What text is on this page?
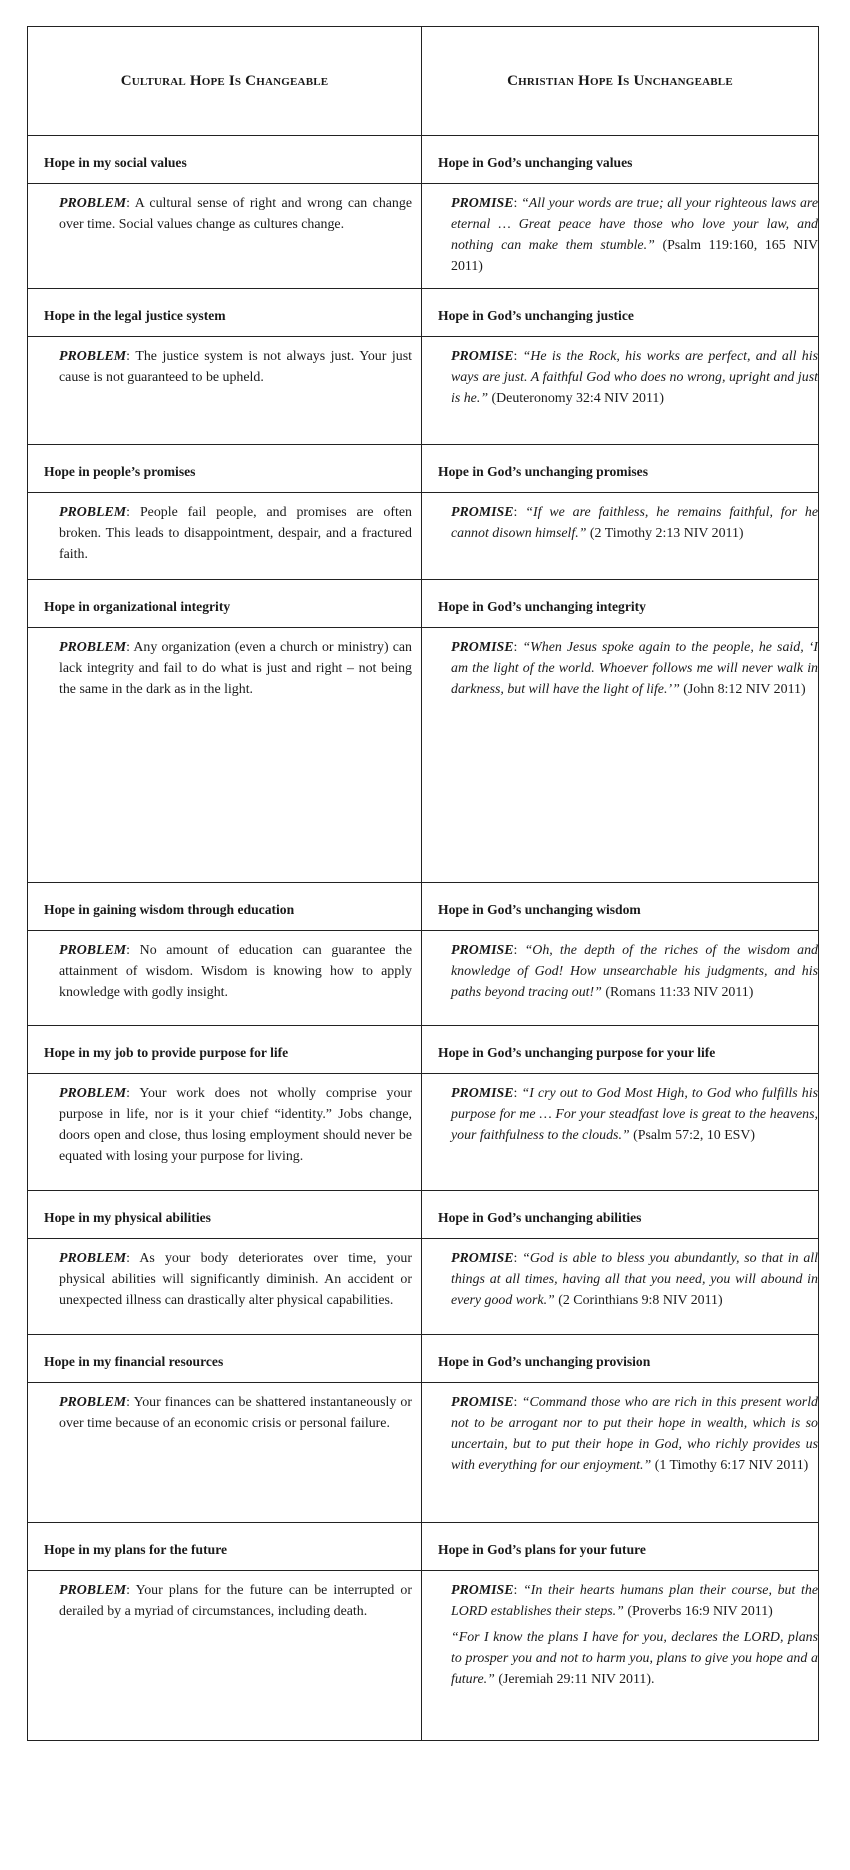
Cultural Hope Is Changeable	Christian Hope Is Unchangeable
Hope in my social values	Hope in God’s unchanging values

PROBLEM: A cultural sense of right and wrong can change over time. Social values change as cultures change.	PROMISE: “All your words are true; all your righteous laws are eternal … Great peace have those who love your law, and nothing can make them stumble.” (Psalm 119:160, 165 NIV 2011)

Hope in the legal justice system	Hope in God’s unchanging justice

PROBLEM: The justice system is not always just. Your just cause is not guaranteed to be upheld.	PROMISE: “He is the Rock, his works are perfect, and all his ways are just. A faithful God who does no wrong, upright and just is he.” (Deuteronomy 32:4 NIV 2011)

Hope in people’s promises	Hope in God’s unchanging promises

PROBLEM: People fail people, and promises are often broken. This leads to disappointment, despair, and a fractured faith.	PROMISE: “If we are faithless, he remains faithful, for he cannot disown himself.” (2 Timothy 2:13 NIV 2011)

Hope in organizational integrity	Hope in God’s unchanging integrity

PROBLEM: Any organization (even a church or ministry) can lack integrity and fail to do what is just and right – not being the same in the dark as in the light.	PROMISE: “When Jesus spoke again to the people, he said, ‘I am the light of the world. Whoever follows me will never walk in darkness, but will have the light of life.’” (John 8:12 NIV 2011)

Hope in gaining wisdom through education	Hope in God’s unchanging wisdom

PROBLEM: No amount of education can guarantee the attainment of wisdom. Wisdom is knowing how to apply knowledge with godly insight.	PROMISE: “Oh, the depth of the riches of the wisdom and knowledge of God! How unsearchable his judgments, and his paths beyond tracing out!” (Romans 11:33 NIV 2011)

Hope in my job to provide purpose for life	Hope in God’s unchanging purpose for your life

PROBLEM: Your work does not wholly comprise your purpose in life, nor is it your chief “identity.” Jobs change, doors open and close, thus losing employment should never be equated with losing your purpose for living.	PROMISE: “I cry out to God Most High, to God who fulfills his purpose for me … For your steadfast love is great to the heavens, your faithfulness to the clouds.” (Psalm 57:2, 10 ESV)

Hope in my physical abilities	Hope in God’s unchanging abilities

PROBLEM: As your body deteriorates over time, your physical abilities will significantly diminish. An accident or unexpected illness can drastically alter physical capabilities.	PROMISE: “God is able to bless you abundantly, so that in all things at all times, having all that you need, you will abound in every good work.” (2 Corinthians 9:8 NIV 2011)

Hope in my financial resources	Hope in God’s unchanging provision

PROBLEM: Your finances can be shattered instantaneously or over time because of an economic crisis or personal failure.	PROMISE: “Command those who are rich in this present world not to be arrogant nor to put their hope in wealth, which is so uncertain, but to put their hope in God, who richly provides us with everything for our enjoyment.” (1 Timothy 6:17 NIV 2011)

Hope in my plans for the future	Hope in God’s plans for your future

PROBLEM: Your plans for the future can be interrupted or derailed by a myriad of circumstances, including death.	PROMISE: “In their hearts humans plan their course, but the LORD establishes their steps.” (Proverbs 16:9 NIV 2011)

“For I know the plans I have for you, declares the LORD, plans to prosper you and not to harm you, plans to give you hope and a future.” (Jeremiah 29:11 NIV 2011).
